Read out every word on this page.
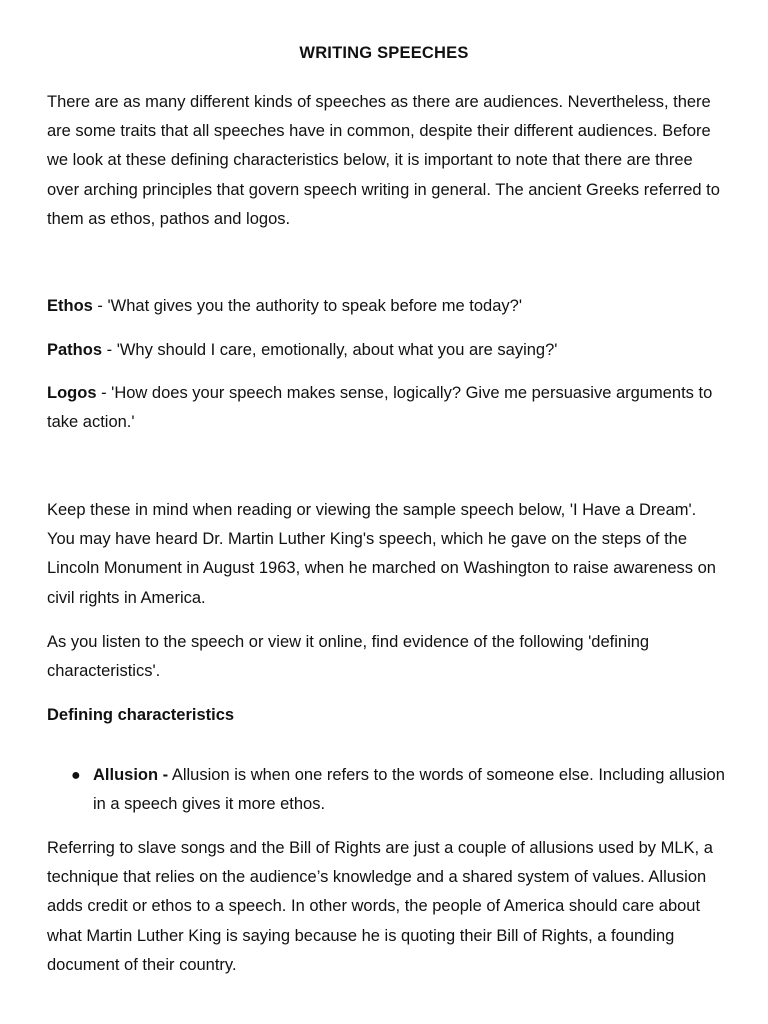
WRITING SPEECHES

There are as many different kinds of speeches as there are audiences. Nevertheless, there are some traits that all speeches have in common, despite their different audiences. Before we look at these defining characteristics below, it is important to note that there are three over arching principles that govern speech writing in general. The ancient Greeks referred to them as ethos, pathos and logos.

Ethos - 'What gives you the authority to speak before me today?'

Pathos - 'Why should I care, emotionally, about what you are saying?'

Logos - 'How does your speech makes sense, logically? Give me persuasive arguments to take action.'

Keep these in mind when reading or viewing the sample speech below, 'I Have a Dream'. You may have heard Dr. Martin Luther King's speech, which he gave on the steps of the Lincoln Monument in August 1963, when he marched on Washington to raise awareness on civil rights in America.

As you listen to the speech or view it online, find evidence of the following 'defining characteristics'.

Defining characteristics

● Allusion - Allusion is when one refers to the words of someone else. Including allusion in a speech gives it more ethos.

Referring to slave songs and the Bill of Rights are just a couple of allusions used by MLK, a technique that relies on the audience’s knowledge and a shared system of values. Allusion adds credit or ethos to a speech. In other words, the people of America should care about what Martin Luther King is saying because he is quoting their Bill of Rights, a founding document of their country.
